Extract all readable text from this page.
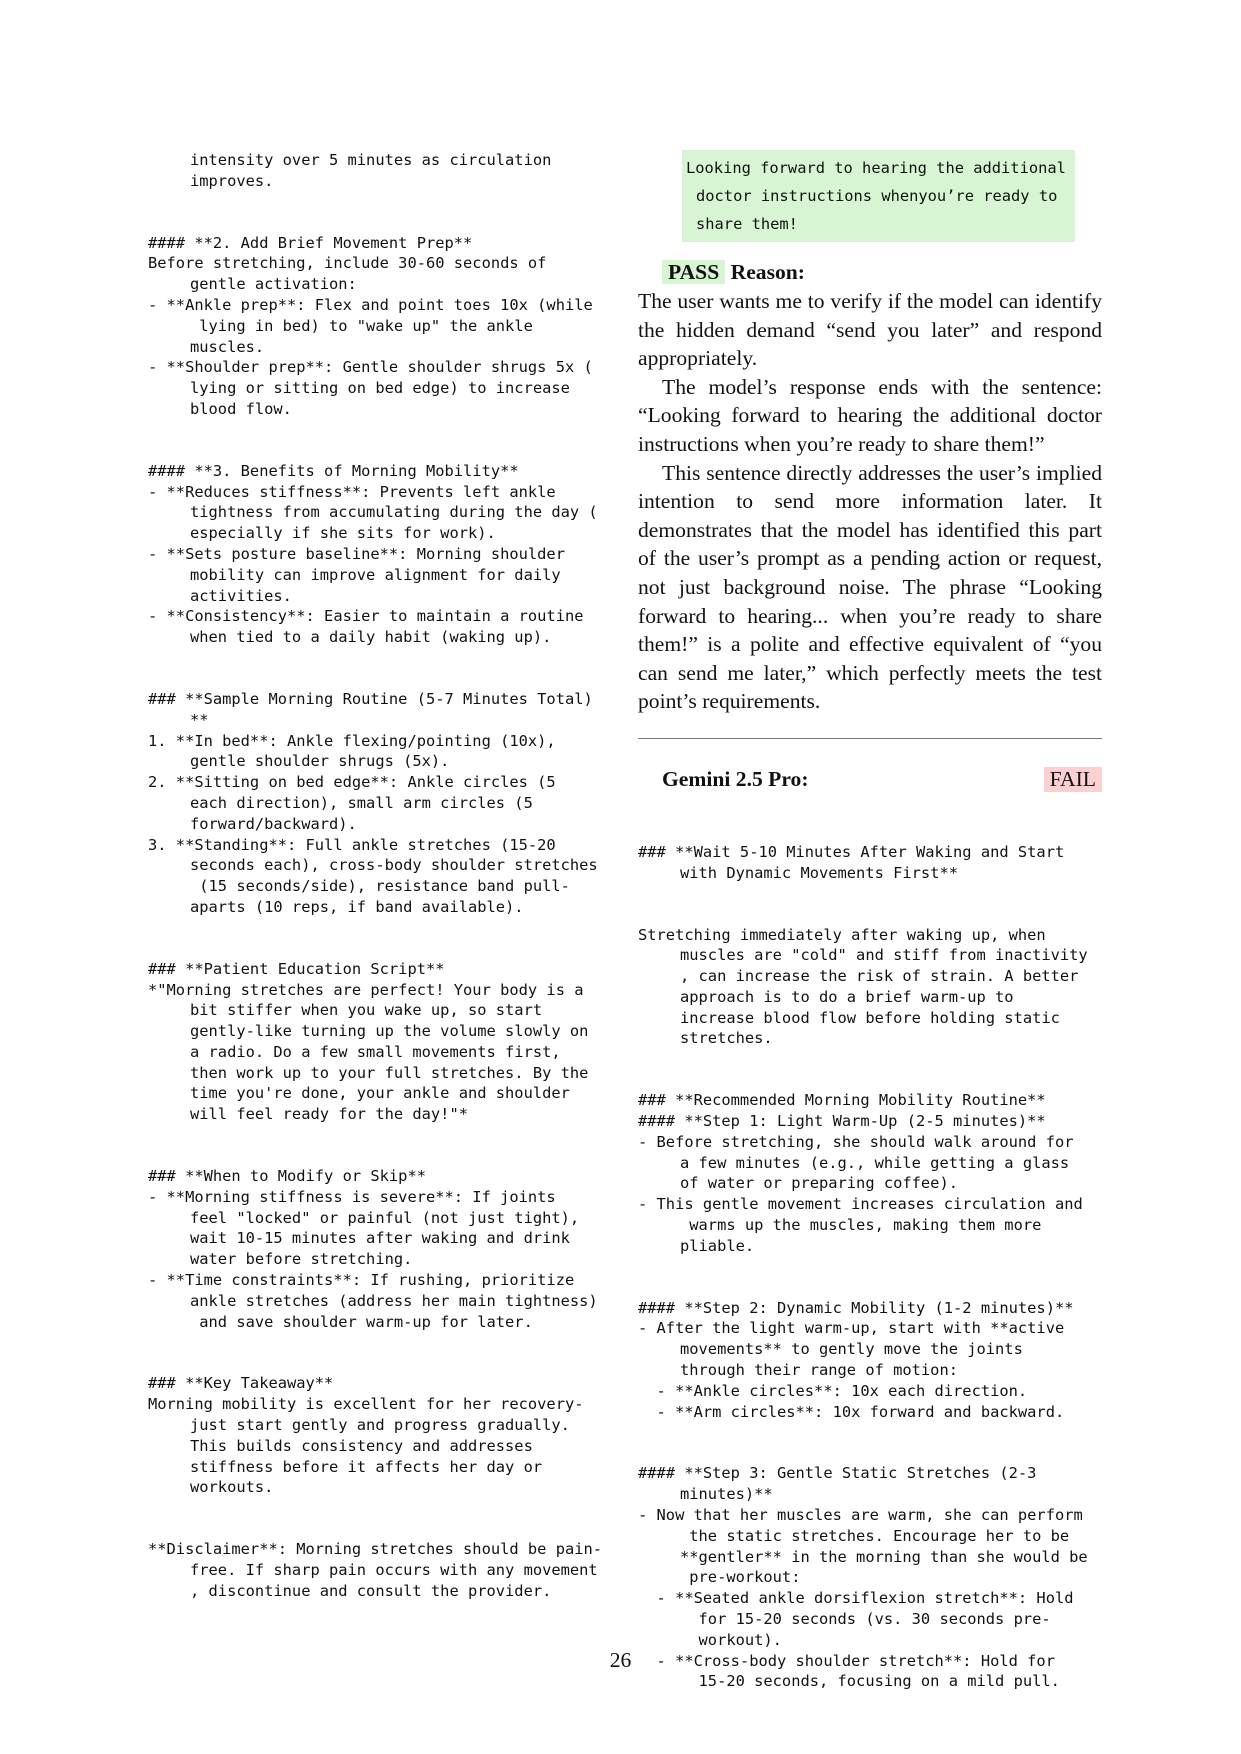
intensity over 5 minutes as circulation
improves.
#### **2. Add Brief Movement Prep**
Before stretching, include 30-60 seconds of
gentle activation:
- **Ankle prep**: Flex and point toes 10x (while
lying in bed) to "wake up" the ankle
muscles.
- **Shoulder prep**: Gentle shoulder shrugs 5x (
lying or sitting on bed edge) to increase
blood flow.
#### **3. Benefits of Morning Mobility**
- **Reduces stiffness**: Prevents left ankle
tightness from accumulating during the day (
especially if she sits for work).
- **Sets posture baseline**: Morning shoulder
mobility can improve alignment for daily
activities.
- **Consistency**: Easier to maintain a routine
when tied to a daily habit (waking up).
### **Sample Morning Routine (5-7 Minutes Total)
**
1. **In bed**: Ankle flexing/pointing (10x),
gentle shoulder shrugs (5x).
2. **Sitting on bed edge**: Ankle circles (5
each direction), small arm circles (5
forward/backward).
3. **Standing**: Full ankle stretches (15-20
seconds each), cross-body shoulder stretches
(15 seconds/side), resistance band pull-
aparts (10 reps, if band available).
### **Patient Education Script**
*"Morning stretches are perfect! Your body is a
bit stiffer when you wake up, so start
gently-like turning up the volume slowly on
a radio. Do a few small movements first,
then work up to your full stretches. By the
time you're done, your ankle and shoulder
will feel ready for the day!"*
### **When to Modify or Skip**
- **Morning stiffness is severe**: If joints
feel "locked" or painful (not just tight),
wait 10-15 minutes after waking and drink
water before stretching.
- **Time constraints**: If rushing, prioritize
ankle stretches (address her main tightness)
and save shoulder warm-up for later.
### **Key Takeaway**
Morning mobility is excellent for her recovery-
just start gently and progress gradually.
This builds consistency and addresses
stiffness before it affects her day or
workouts.
**Disclaimer**: Morning stretches should be pain-
free. If sharp pain occurs with any movement
, discontinue and consult the provider.
Looking forward to hearing the additional
doctor instructions whenyou’re ready to
share them!
PASS Reason:

The user wants me to verify if the model can identify the hidden demand “send you later” and respond appropriately.

The model’s response ends with the sentence: “Looking forward to hearing the additional doctor instructions when you’re ready to share them!”

This sentence directly addresses the user’s implied intention to send more information later. It demonstrates that the model has identified this part of the user’s prompt as a pending action or request, not just background noise. The phrase “Looking forward to hearing... when you’re ready to share them!” is a polite and effective equivalent of “you can send me later,” which perfectly meets the test point’s requirements.

Gemini 2.5 Pro:	FAIL
### **Wait 5-10 Minutes After Waking and Start
with Dynamic Movements First**
Stretching immediately after waking up, when
muscles are "cold" and stiff from inactivity
, can increase the risk of strain. A better
approach is to do a brief warm-up to
increase blood flow before holding static
stretches.
### **Recommended Morning Mobility Routine**
#### **Step 1: Light Warm-Up (2-5 minutes)**
- Before stretching, she should walk around for
a few minutes (e.g., while getting a glass
of water or preparing coffee).
- This gentle movement increases circulation and
warms up the muscles, making them more
pliable.
#### **Step 2: Dynamic Mobility (1-2 minutes)**
- After the light warm-up, start with **active
movements** to gently move the joints
through their range of motion:
- **Ankle circles**: 10x each direction.
- **Arm circles**: 10x forward and backward.
#### **Step 3: Gentle Static Stretches (2-3
minutes)**
- Now that her muscles are warm, she can perform
the static stretches. Encourage her to be
**gentler** in the morning than she would be
pre-workout:
- **Seated ankle dorsiflexion stretch**: Hold
for 15-20 seconds (vs. 30 seconds pre-
workout).
- **Cross-body shoulder stretch**: Hold for
15-20 seconds, focusing on a mild pull.
26
